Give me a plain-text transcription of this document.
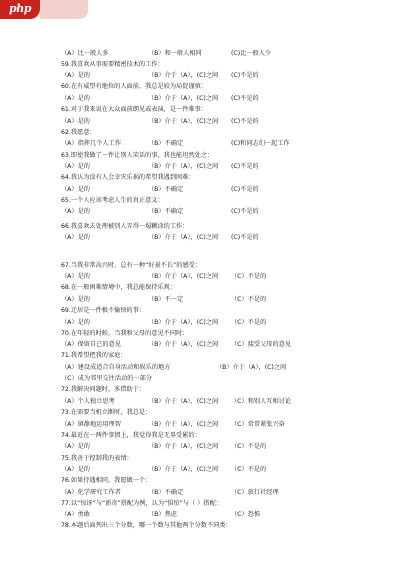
php
（A）比一般人多	（B）和一般人相同	(C)比一般人少
59.我喜欢从事需要精密技术的工作：
（A）是的	（B）介于（A），(C)之间 (C)不是的
60.在有威望有地位的人面前，我总是较为局促谨慎：
（A）是的	（B）介于（A），(C)之间 (C)不是的
61.对于我来说在大众面前朗见或表演，是一件难事：
（A）是的	（B）介于（A），(C)之间 (C)不是的
62.我愿意：
（A）指挥几个人工作	（B）不确定	(C)和同志们一起工作
63.即使我做了一件让别人笑话的事，我也能坦然处之：
（A）是的	（B）介于（A），(C)之间 (C)不是的
64.我认为没有人会幸灾乐祸的希望我遇到困难：
（A）是的	（B）不确定	(C)不是的
65.一个人应该考虑人生的真正意义：
（A）是的	（B）不确定	(C)不是的
66.我喜欢去处理被别人弄得一塌糊涂的工作：
（A）是的	（B）介于（A），(C)之间 (C)不是的
67.当我非常高兴时，总有一种“好景不长”的感受：
（A）是的	（B）介于（A），(C)之间 （C）不是的
68.在一般困难情境中，我总能保持乐观：
（A）是的	（B）不一定	（C）不是的
69.迁居是一件极不愉快的事：
（A）是的	（B）介于（A），(C)之间 （C）不是的
70.在年轻的时候，当我和父母的意见不同时：
（A）保留自己的意见	（B）介于（A），(C)之间 （C）接受父母的意见
71.我希望把我的家庭：
（A）建设成适合自身活动和娱乐的地方	（B）介于（A），(C)之间
（C）成为邻里交往活动的一部分
72.我解决问题时，多借助于：
（A）个人独立思考	（B）介于（A），(C)之间 （C）和别人互相讨论
73.在需要当机立断时，我总是：
（A）镇静地运用理智	（B）介于（A），(C)之间 （C）常常紧张兴奋
74.最近在一两件事情上，我觉得我是无辜受累的：
（A）是的	（B）介于（A），(C)之间 （C）不是的
75.我善于控制我的表情：
（A）是的	（B）介于（A），(C)之间 （C）不是的
76.如果待遇相同，我愿做一个：
（A）化学研究工作者	（B）不确定	（C）旅行社经理
77.以“惊讶”与“新奇”搭配为例，认为“惧怕”与（ ）搭配：
（A）勇敢	（B）焦虑	（C）恐怖
78.本题后面列出三个分数，哪一个数与其他两个分数不同类：
